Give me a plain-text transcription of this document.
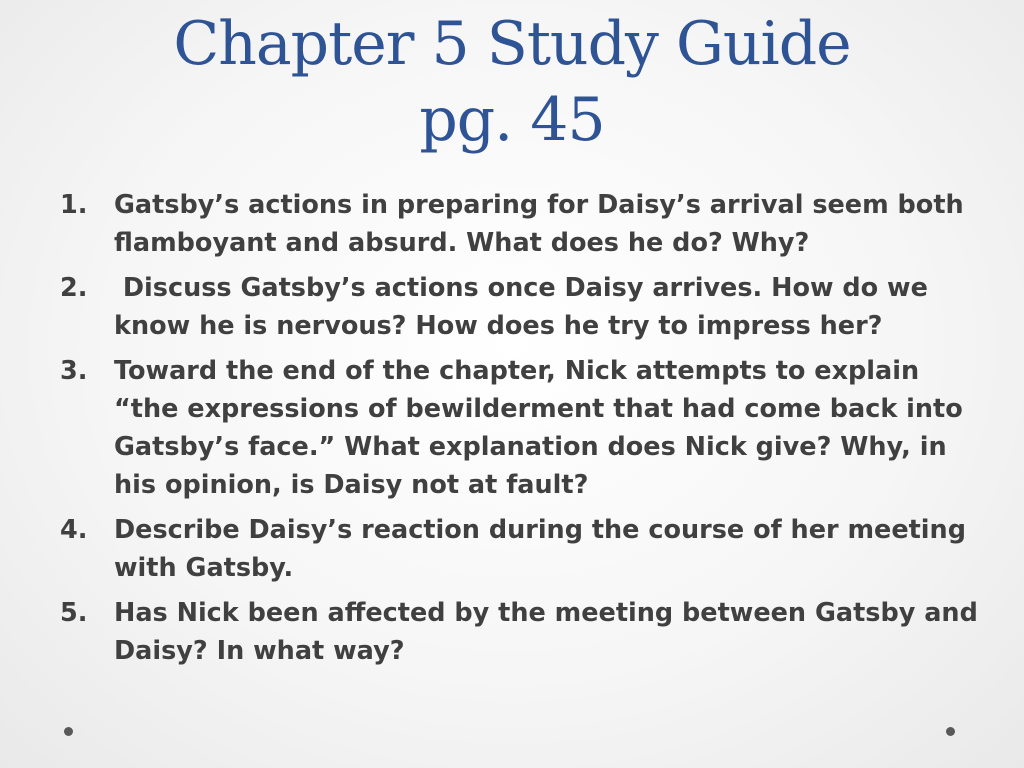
Chapter 5 Study Guide
pg. 45
1.	Gatsby’s actions in preparing for Daisy’s arrival seem both flamboyant and absurd. What does he do? Why?
2.	Discuss Gatsby’s actions once Daisy arrives. How do we know he is nervous? How does he try to impress her?
3.	Toward the end of the chapter, Nick attempts to explain “the expressions of bewilderment that had come back into Gatsby’s face.” What explanation does Nick give? Why, in his opinion, is Daisy not at fault?
4.	Describe Daisy’s reaction during the course of her meeting with Gatsby.
5.	Has Nick been affected by the meeting between Gatsby and Daisy? In what way?
